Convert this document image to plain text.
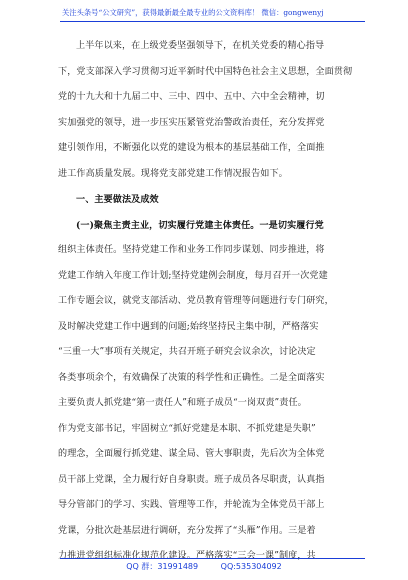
关注头条号“公文研究”，获得最新最全最专业的公文资料库！ 微信：gongwenyj
上半年以来，在上级党委坚强领导下，在机关党委的精心指导
下，党支部深入学习贯彻习近平新时代中国特色社会主义思想，全面贯彻
党的十九大和十九届二中、三中、四中、五中、六中全会精神，切
实加强党的领导，进一步压实压紧管党治警政治责任，充分发挥党
建引领作用，不断强化以党的建设为根本的基层基础工作，全面推
进工作高质量发展。现将党支部党建工作情况报告如下。
一、主要做法及成效
(一)聚焦主责主业，切实履行党建主体责任。一是切实履行党
组织主体责任。坚持党建工作和业务工作同步谋划、同步推进，将
党建工作纳入年度工作计划;坚持党建例会制度，每月召开一次党建
工作专题会议，就党支部活动、党员教育管理等问题进行专门研究，
及时解决党建工作中遇到的问题;始终坚持民主集中制，严格落实
“三重一大”事项有关规定，共召开班子研究会议余次，讨论决定
各类事项余个，有效确保了决策的科学性和正确性。二是全面落实
主要负责人抓党建“第一责任人”和班子成员“一岗双责”责任。
作为党支部书记，牢固树立“抓好党建是本职、不抓党建是失职”
的理念，全面履行抓党建、谋全局、管大事职责，先后次为全体党
员干部上党课，全力履行好自身职责。班子成员各尽职责，认真指
导分管部门的学习、实践、管理等工作，并轮流为全体党员干部上
党课，分批次赴基层进行调研，充分发挥了“头雁”作用。三是着
力推进党组织标准化规范化建设。严格落实“三会一课”制度，共
QQ 群：31991489	QQ:535304092
